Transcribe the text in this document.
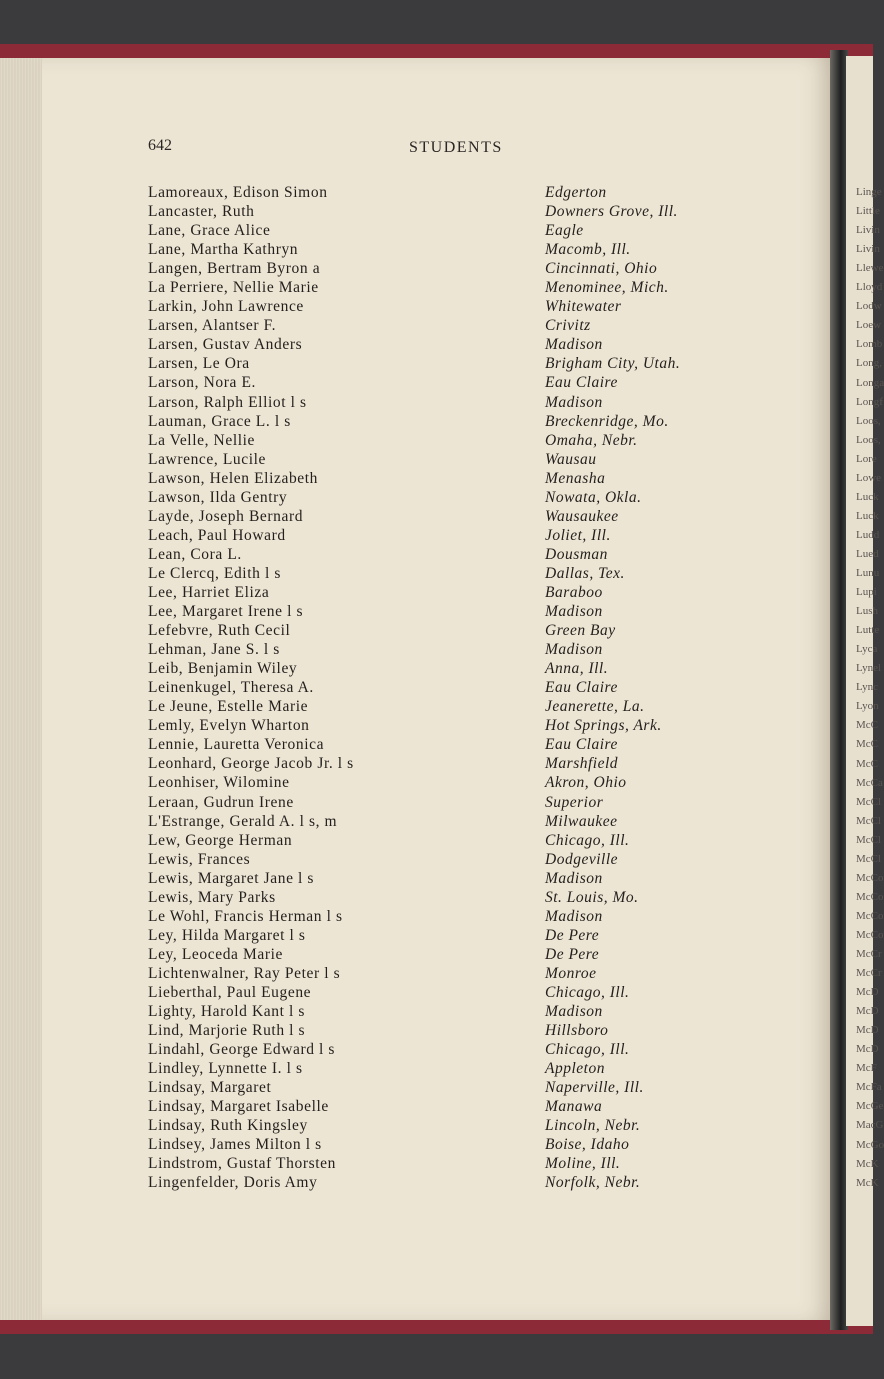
Linge
Little
Livin
Livin
Llewe
Lloyd
Lodw
Loew
Lomb
Long,
Longa
Longf
Loos,
Loos,
Lore
Lowe
Luck
Luck
Ludd
Lued
Lunu
Lupi
Lush
Lutte
Lyca
Lynel
Lync
Lyon
McC
McC
McC
McCa
McCl
McCl
McCl
McCl
McCo
McCo
McCo
McCo
McCr
McCr
McD
McD
McD
McD
McF
McFa
McGe
MacG
McGo
McK
McK
642	STUDENTS
Lamoreaux, Edison Simon
Lancaster, Ruth
Lane, Grace Alice
Lane, Martha Kathryn
Langen, Bertram Byron a
La Perriere, Nellie Marie
Larkin, John Lawrence
Larsen, Alantser F.
Larsen, Gustav Anders
Larsen, Le Ora
Larson, Nora E.
Larson, Ralph Elliot l s
Lauman, Grace L. l s
La Velle, Nellie
Lawrence, Lucile
Lawson, Helen Elizabeth
Lawson, Ilda Gentry
Layde, Joseph Bernard
Leach, Paul Howard
Lean, Cora L.
Le Clercq, Edith l s
Lee, Harriet Eliza
Lee, Margaret Irene l s
Lefebvre, Ruth Cecil
Lehman, Jane S. l s
Leib, Benjamin Wiley
Leinenkugel, Theresa A.
Le Jeune, Estelle Marie
Lemly, Evelyn Wharton
Lennie, Lauretta Veronica
Leonhard, George Jacob Jr. l s
Leonhiser, Wilomine
Leraan, Gudrun Irene
L'Estrange, Gerald A. l s, m
Lew, George Herman
Lewis, Frances
Lewis, Margaret Jane l s
Lewis, Mary Parks
Le Wohl, Francis Herman l s
Ley, Hilda Margaret l s
Ley, Leoceda Marie
Lichtenwalner, Ray Peter l s
Lieberthal, Paul Eugene
Lighty, Harold Kant l s
Lind, Marjorie Ruth l s
Lindahl, George Edward l s
Lindley, Lynnette I. l s
Lindsay, Margaret
Lindsay, Margaret Isabelle
Lindsay, Ruth Kingsley
Lindsey, James Milton l s
Lindstrom, Gustaf Thorsten
Lingenfelder, Doris Amy
Edgerton
Downers Grove, Ill.
Eagle
Macomb, Ill.
Cincinnati, Ohio
Menominee, Mich.
Whitewater
Crivitz
Madison
Brigham City, Utah.
Eau Claire
Madison
Breckenridge, Mo.
Omaha, Nebr.
Wausau
Menasha
Nowata, Okla.
Wausaukee
Joliet, Ill.
Dousman
Dallas, Tex.
Baraboo
Madison
Green Bay
Madison
Anna, Ill.
Eau Claire
Jeanerette, La.
Hot Springs, Ark.
Eau Claire
Marshfield
Akron, Ohio
Superior
Milwaukee
Chicago, Ill.
Dodgeville
Madison
St. Louis, Mo.
Madison
De Pere
De Pere
Monroe
Chicago, Ill.
Madison
Hillsboro
Chicago, Ill.
Appleton
Naperville, Ill.
Manawa
Lincoln, Nebr.
Boise, Idaho
Moline, Ill.
Norfolk, Nebr.
